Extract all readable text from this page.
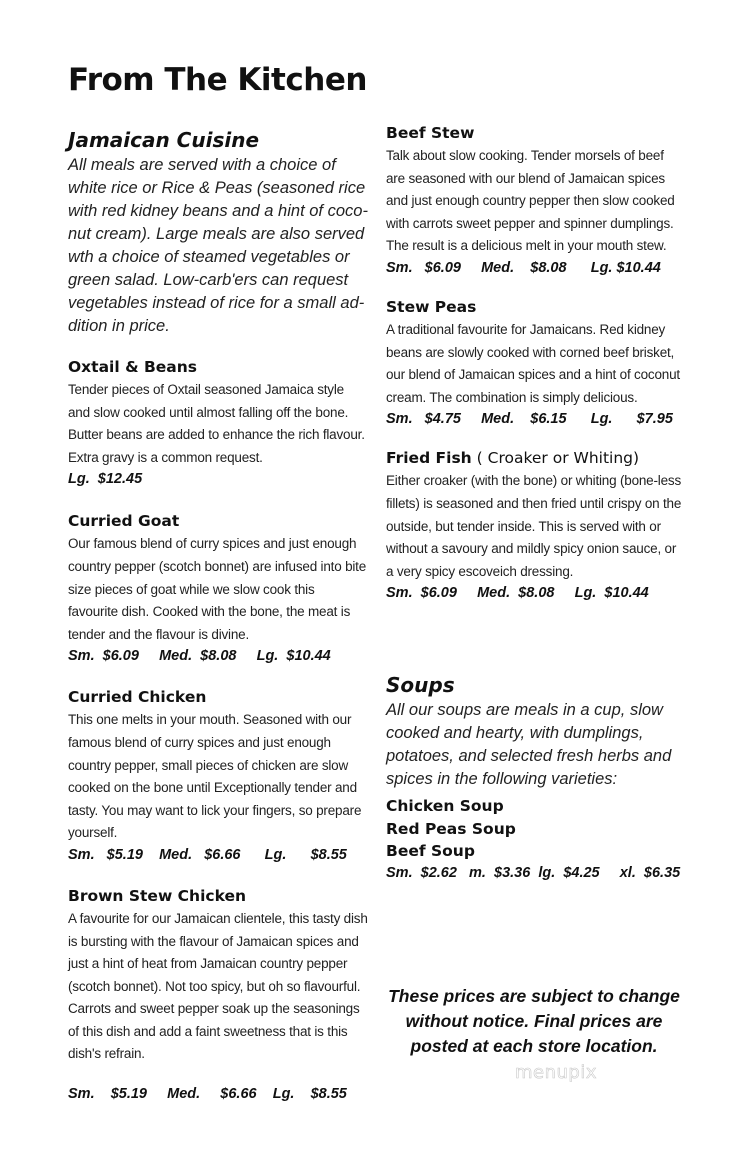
From The Kitchen
Jamaican Cuisine

All meals are served with a choice of white rice or Rice & Peas (seasoned rice with red kidney beans and a hint of coco-nut cream). Large meals are also served wth a choice of steamed vegetables or green salad. Low-carb'ers can request vegetables instead of rice for a small ad-dition in price.

Oxtail & Beans

Tender pieces of Oxtail seasoned Jamaica style and slow cooked until almost falling off the bone. Butter beans are added to enhance the rich flavour. Extra gravy is a common request.

Lg.  $12.45
Curried Goat

Our famous blend of curry spices and just enough country pepper (scotch bonnet) are infused into bite size pieces of goat while we slow cook this favourite dish. Cooked with the bone, the meat is tender and the flavour is divine.

Sm.  $6.09     Med.  $8.08     Lg.  $10.44
Curried Chicken

This one melts in your mouth. Seasoned with our famous blend of curry spices and just enough country pepper, small pieces of chicken are slow cooked on the bone until Exceptionally tender and tasty. You may want to lick your fingers, so prepare yourself.

Sm.   $5.19    Med.   $6.66      Lg.      $8.55
Brown Stew Chicken

A favourite for our Jamaican clientele, this tasty dish is bursting with the flavour of Jamaican spices and just a hint of heat from Jamaican country pepper (scotch bonnet). Not too spicy, but oh so flavourful. Carrots and sweet pepper soak up the seasonings of this dish and add a faint sweetness that is this dish's refrain.

Sm.    $5.19     Med.     $6.66    Lg.    $8.55
Beef Stew

Talk about slow cooking. Tender morsels of beef are seasoned with our blend of Jamaican spices and just enough country pepper then slow cooked with carrots sweet pepper and spinner dumplings. The result is a delicious melt in your mouth stew.

Sm.   $6.09     Med.    $8.08      Lg. $10.44
Stew Peas

A traditional favourite for Jamaicans. Red kidney beans are slowly cooked with corned beef brisket, our blend of Jamaican spices and a hint of coconut cream. The combination is simply delicious.

Sm.   $4.75     Med.    $6.15      Lg.      $7.95
Fried Fish ( Croaker or Whiting)

Either croaker (with the bone) or whiting (bone-less fillets) is seasoned and then fried until crispy on the outside, but tender inside. This is served with or without a savoury and mildly spicy onion sauce, or a very spicy escoveich dressing.

Sm.  $6.09     Med.  $8.08     Lg.  $10.44
Soups

All our soups are meals in a cup, slow cooked and hearty, with dumplings, potatoes, and selected fresh herbs and spices in the following varieties:

Chicken Soup
Red Peas Soup
Beef Soup
Sm.  $2.62   m.  $3.36  lg.  $4.25     xl.  $6.35
These prices are subject to change without notice. Final prices are posted at each store location.
menupix
